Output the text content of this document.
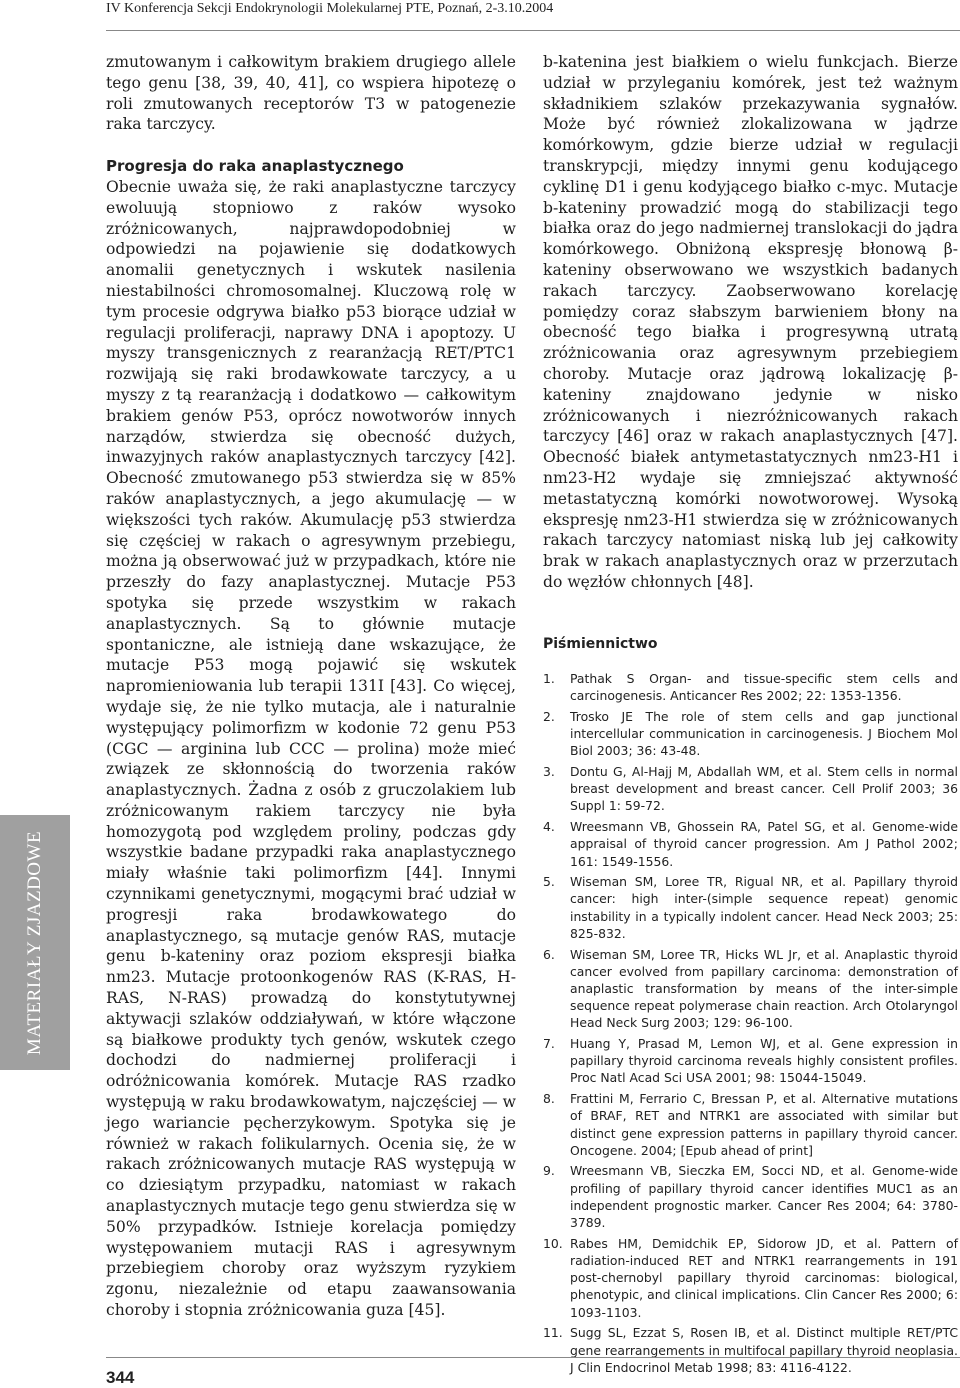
IV Konferencja Sekcji Endokrynologii Molekularnej PTE, Poznań, 2-3.10.2004
MATERIAŁY ZJAZDOWE

zmutowanym i całkowitym brakiem drugiego allele tego genu [38, 39, 40, 41], co wspiera hipotezę o roli zmutowanych receptorów T3 w patogenezie raka tarczycy.

Progresja do raka anaplastycznego

Obecnie uważa się, że raki anaplastyczne tarczycy ewoluują stopniowo z raków wysoko zróżnicowanych, najprawdopodobniej w odpowiedzi na pojawienie się dodatkowych anomalii genetycznych i wskutek nasilenia niestabilności chromosomalnej. Kluczową rolę w tym procesie odgrywa białko p53 biorące udział w regulacji proliferacji, naprawy DNA i apoptozy. U myszy transgenicznych z rearanżacją RET/PTC1 rozwijają się raki brodawkowate tarczycy, a u myszy z tą rearanżacją i dodatkowo — całkowitym brakiem genów P53, oprócz nowotworów innych narządów, stwierdza się obecność dużych, inwazyjnych raków anaplastycznych tarczycy [42]. Obecność zmutowanego p53 stwierdza się w 85% raków anaplastycznych, a jego akumulację — w większości tych raków. Akumulację p53 stwierdza się częściej w rakach o agresywnym przebiegu, można ją obserwować już w przypadkach, które nie przeszły do fazy anaplastycznej. Mutacje P53 spotyka się przede wszystkim w rakach anaplastycznych. Są to głównie mutacje spontaniczne, ale istnieją dane wskazujące, że mutacje P53 mogą pojawić się wskutek napromieniowania lub terapii 131I [43]. Co więcej, wydaje się, że nie tylko mutacja, ale i naturalnie występujący polimorfizm w kodonie 72 genu P53 (CGC — arginina lub CCC — prolina) może mieć związek ze skłonnością do tworzenia raków anaplastycznych. Żadna z osób z gruczolakiem lub zróżnicowanym rakiem tarczycy nie była homozygotą pod względem proliny, podczas gdy wszystkie badane przypadki raka anaplastycznego miały właśnie taki polimorfizm [44]. Innymi czynnikami genetycznymi, mogącymi brać udział w progresji raka brodawkowatego do anaplastycznego, są mutacje genów RAS, mutacje genu b-kateniny oraz poziom ekspresji białka nm23. Mutacje protoonkogenów RAS (K-RAS, H-RAS, N-RAS) prowadzą do konstytutywnej aktywacji szlaków oddziaływań, w które włączone są białkowe produkty tych genów, wskutek czego dochodzi do nadmiernej proliferacji i odróżnicowania komórek. Mutacje RAS rzadko występują w raku brodawkowatym, najczęściej — w jego wariancie pęcherzykowym. Spotyka się je również w rakach folikularnych. Ocenia się, że w rakach zróżnicowanych mutacje RAS występują w co dziesiątym przypadku, natomiast w rakach anaplastycznych mutacje tego genu stwierdza się w 50% przypadków. Istnieje korelacja pomiędzy występowaniem mutacji RAS i agresywnym przebiegiem choroby oraz wyższym ryzykiem zgonu, niezależnie od etapu zaawansowania choroby i stopnia zróżnicowania guza [45].

b-katenina jest białkiem o wielu funkcjach. Bierze udział w przyleganiu komórek, jest też ważnym składnikiem szlaków przekazywania sygnałów. Może być również zlokalizowana w jądrze komórkowym, gdzie bierze udział w regulacji transkrypcji, między innymi genu kodującego cyklinę D1 i genu kodyjącego białko c-myc. Mutacje b-kateniny prowadzić mogą do stabilizacji tego białka oraz do jego nadmiernej translokacji do jądra komórkowego. Obniżoną ekspresję błonową β-kateniny obserwowano we wszystkich badanych rakach tarczycy. Zaobserwowano korelację pomiędzy coraz słabszym barwieniem błony na obecność tego białka i progresywną utratą zróżnicowania oraz agresywnym przebiegiem choroby. Mutacje oraz jądrową lokalizację β-kateniny znajdowano jedynie w nisko zróżnicowanych i niezróżnicowanych rakach tarczycy [46] oraz w rakach anaplastycznych [47]. Obecność białek antymetastatycznych nm23-H1 i nm23-H2 wydaje się zmniejszać aktywność metastatyczną komórki nowotworowej. Wysoką ekspresję nm23-H1 stwierdza się w zróżnicowanych rakach tarczycy natomiast niską lub jej całkowity brak w rakach anaplastycznych oraz w przerzutach do węzłów chłonnych [48].

Piśmiennictwo
1. Pathak S Organ- and tissue-specific stem cells and carcinogenesis. Anticancer Res 2002; 22: 1353-1356.
2. Trosko JE The role of stem cells and gap junctional intercellular communication in carcinogenesis. J Biochem Mol Biol 2003; 36: 43-48.
3. Dontu G, Al-Hajj M, Abdallah WM, et al. Stem cells in normal breast development and breast cancer. Cell Prolif 2003; 36 Suppl 1: 59-72.
4. Wreesmann VB, Ghossein RA, Patel SG, et al. Genome-wide appraisal of thyroid cancer progression. Am J Pathol 2002; 161: 1549-1556.
5. Wiseman SM, Loree TR, Rigual NR, et al. Papillary thyroid cancer: high inter-(simple sequence repeat) genomic instability in a typically indolent cancer. Head Neck 2003; 25: 825-832.
6. Wiseman SM, Loree TR, Hicks WL Jr, et al. Anaplastic thyroid cancer evolved from papillary carcinoma: demonstration of anaplastic transformation by means of the inter-simple sequence repeat polymerase chain reaction. Arch Otolaryngol Head Neck Surg 2003; 129: 96-100.
7. Huang Y, Prasad M, Lemon WJ, et al. Gene expression in papillary thyroid carcinoma reveals highly consistent profiles. Proc Natl Acad Sci USA 2001; 98: 15044-15049.
8. Frattini M, Ferrario C, Bressan P, et al. Alternative mutations of BRAF, RET and NTRK1 are associated with similar but distinct gene expression patterns in papillary thyroid cancer. Oncogene. 2004; [Epub ahead of print]
9. Wreesmann VB, Sieczka EM, Socci ND, et al. Genome-wide profiling of papillary thyroid cancer identifies MUC1 as an independent prognostic marker. Cancer Res 2004; 64: 3780-3789.
10. Rabes HM, Demidchik EP, Sidorow JD, et al. Pattern of radiation-induced RET and NTRK1 rearrangements in 191 post-chernobyl papillary thyroid carcinomas: biological, phenotypic, and clinical implications. Clin Cancer Res 2000; 6: 1093-1103.
11. Sugg SL, Ezzat S, Rosen IB, et al. Distinct multiple RET/PTC gene rearrangements in multifocal papillary thyroid neoplasia. J Clin Endocrinol Metab 1998; 83: 4116-4122.
344
